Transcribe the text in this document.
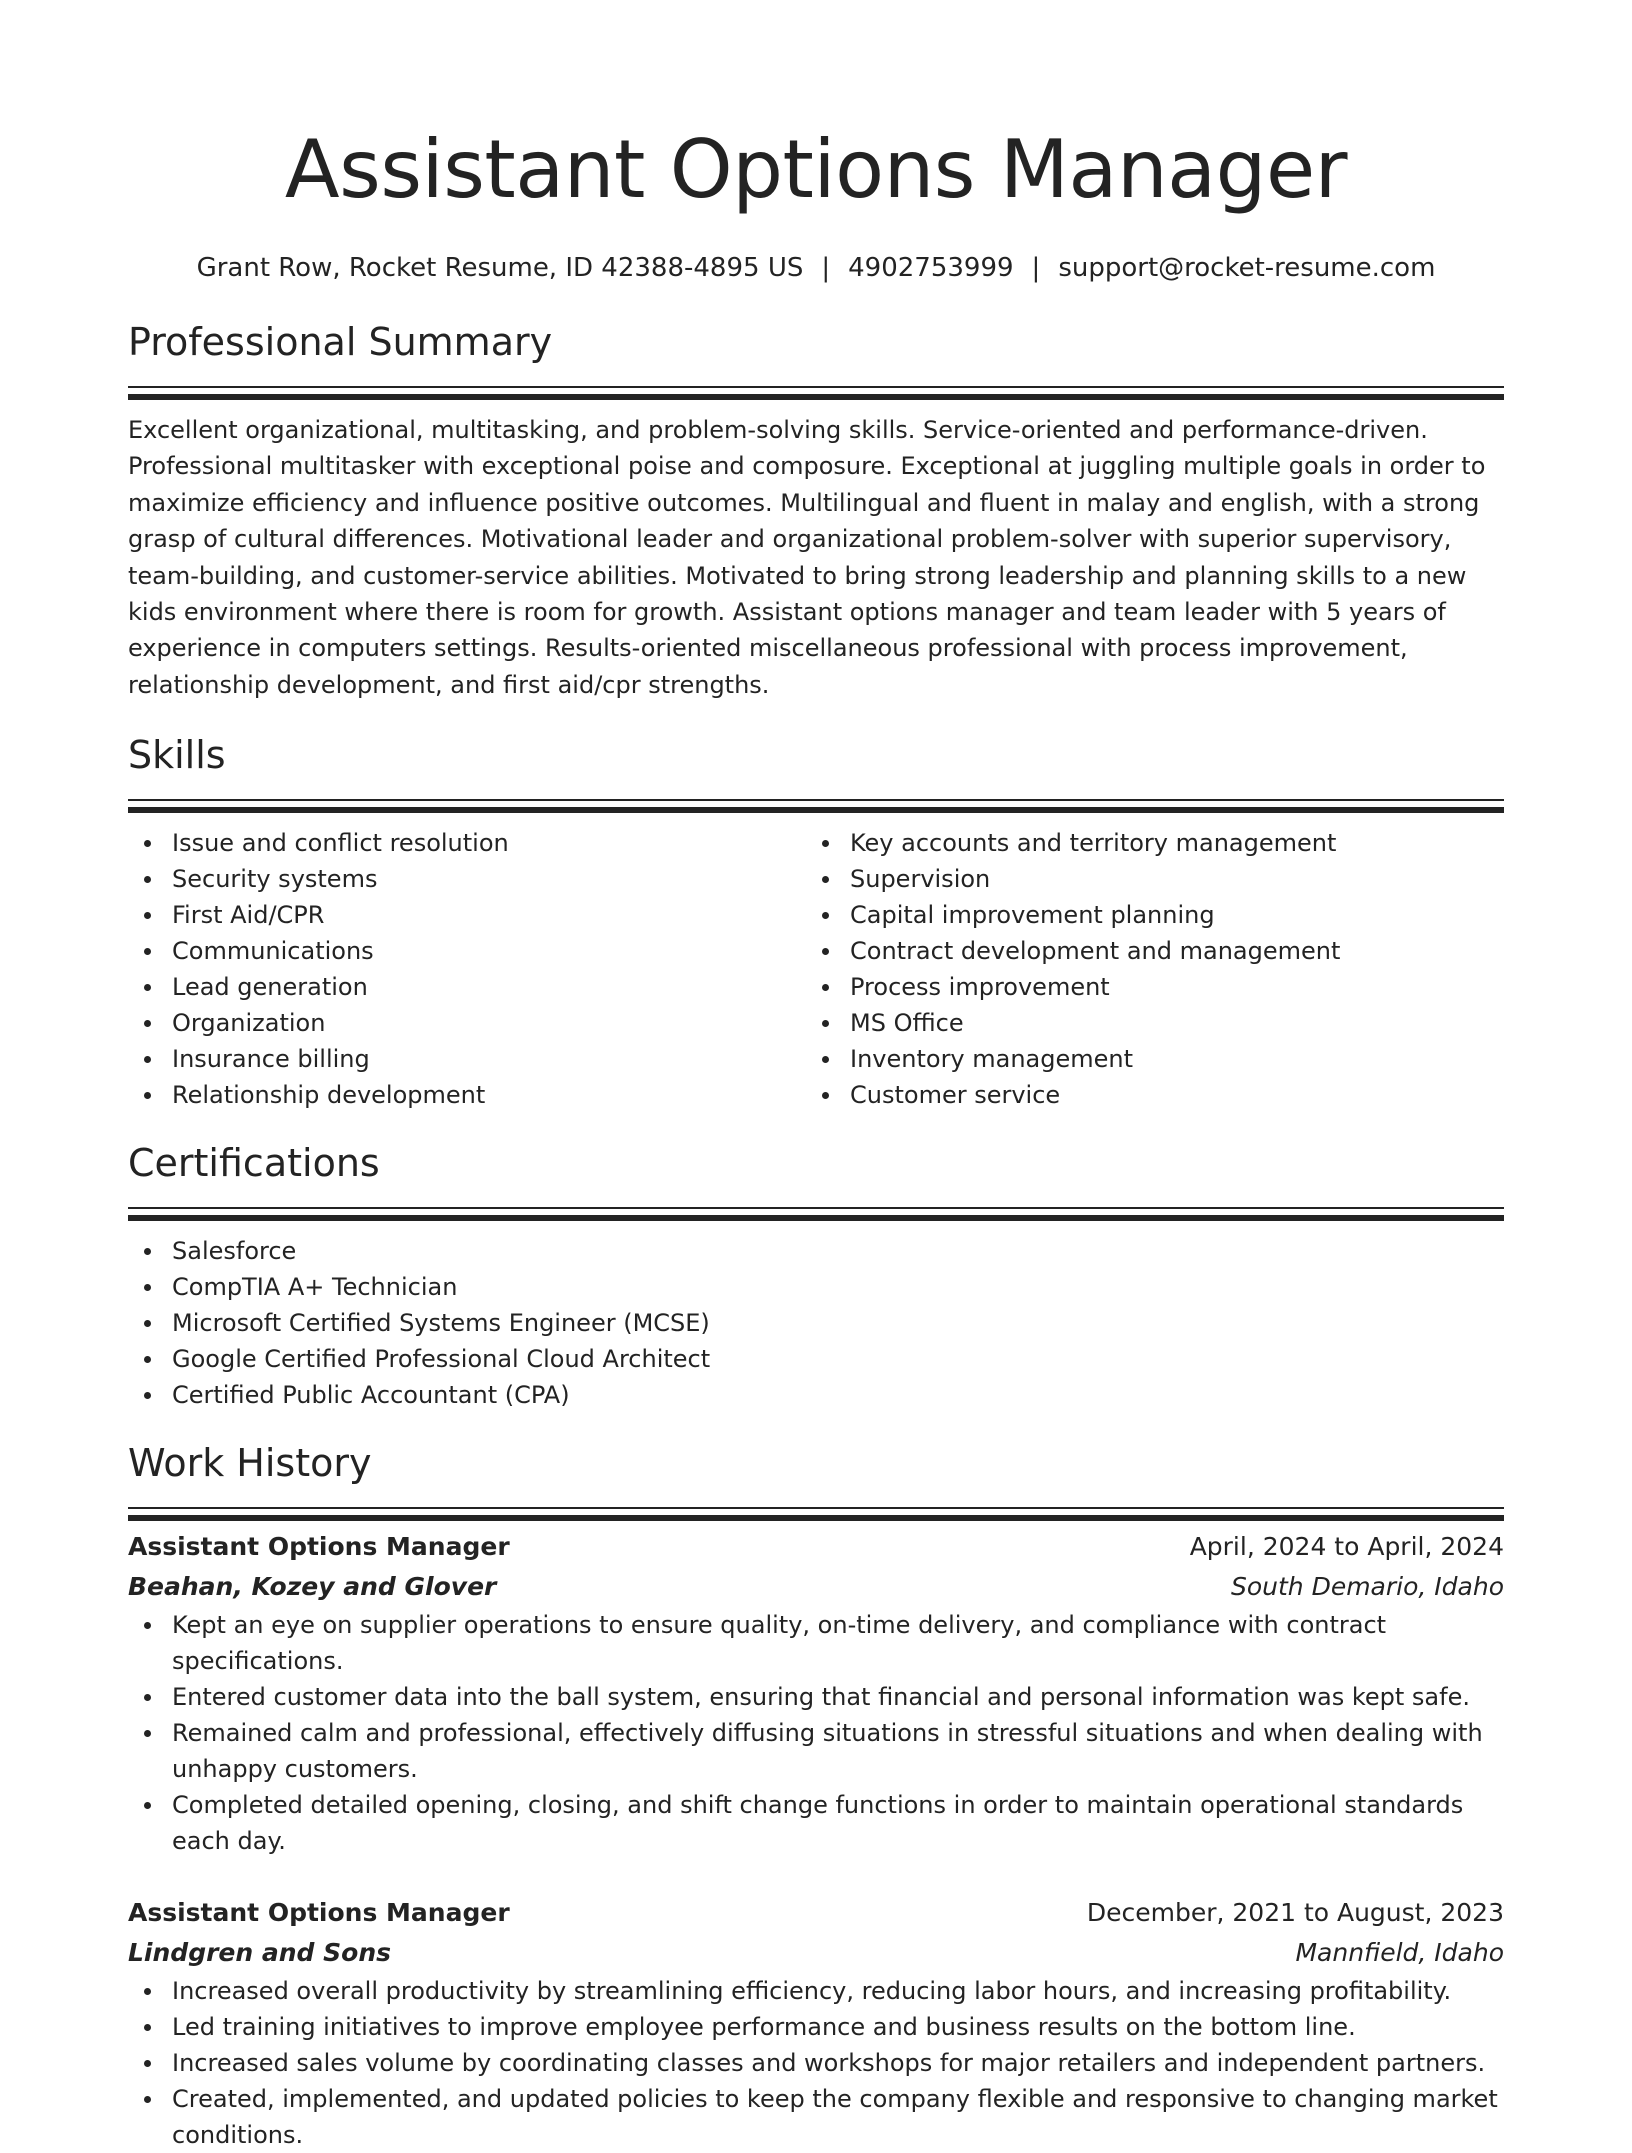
Assistant Options Manager
Grant Row, Rocket Resume, ID 42388-4895 US | 4902753999 | support@rocket-resume.com
Professional Summary

Excellent organizational, multitasking, and problem-solving skills. Service-oriented and performance-driven. Professional multitasker with exceptional poise and composure. Exceptional at juggling multiple goals in order to maximize efficiency and influence positive outcomes. Multilingual and fluent in malay and english, with a strong grasp of cultural differences. Motivational leader and organizational problem-solver with superior supervisory, team-building, and customer-service abilities. Motivated to bring strong leadership and planning skills to a new kids environment where there is room for growth. Assistant options manager and team leader with 5 years of experience in computers settings. Results-oriented miscellaneous professional with process improvement, relationship development, and first aid/cpr strengths.

Skills
Issue and conflict resolution
Security systems
First Aid/CPR
Communications
Lead generation
Organization
Insurance billing
Relationship development
Key accounts and territory management
Supervision
Capital improvement planning
Contract development and management
Process improvement
MS Office
Inventory management
Customer service
Certifications
Salesforce
CompTIA A+ Technician
Microsoft Certified Systems Engineer (MCSE)
Google Certified Professional Cloud Architect
Certified Public Accountant (CPA)
Work History
Assistant Options Manager	April, 2024 to April, 2024
Beahan, Kozey and Glover	South Demario, Idaho
Kept an eye on supplier operations to ensure quality, on-time delivery, and compliance with contract specifications.
Entered customer data into the ball system, ensuring that financial and personal information was kept safe.
Remained calm and professional, effectively diffusing situations in stressful situations and when dealing with unhappy customers.
Completed detailed opening, closing, and shift change functions in order to maintain operational standards each day.
Assistant Options Manager	December, 2021 to August, 2023
Lindgren and Sons	Mannfield, Idaho
Increased overall productivity by streamlining efficiency, reducing labor hours, and increasing profitability.
Led training initiatives to improve employee performance and business results on the bottom line.
Increased sales volume by coordinating classes and workshops for major retailers and independent partners.
Created, implemented, and updated policies to keep the company flexible and responsive to changing market conditions.
